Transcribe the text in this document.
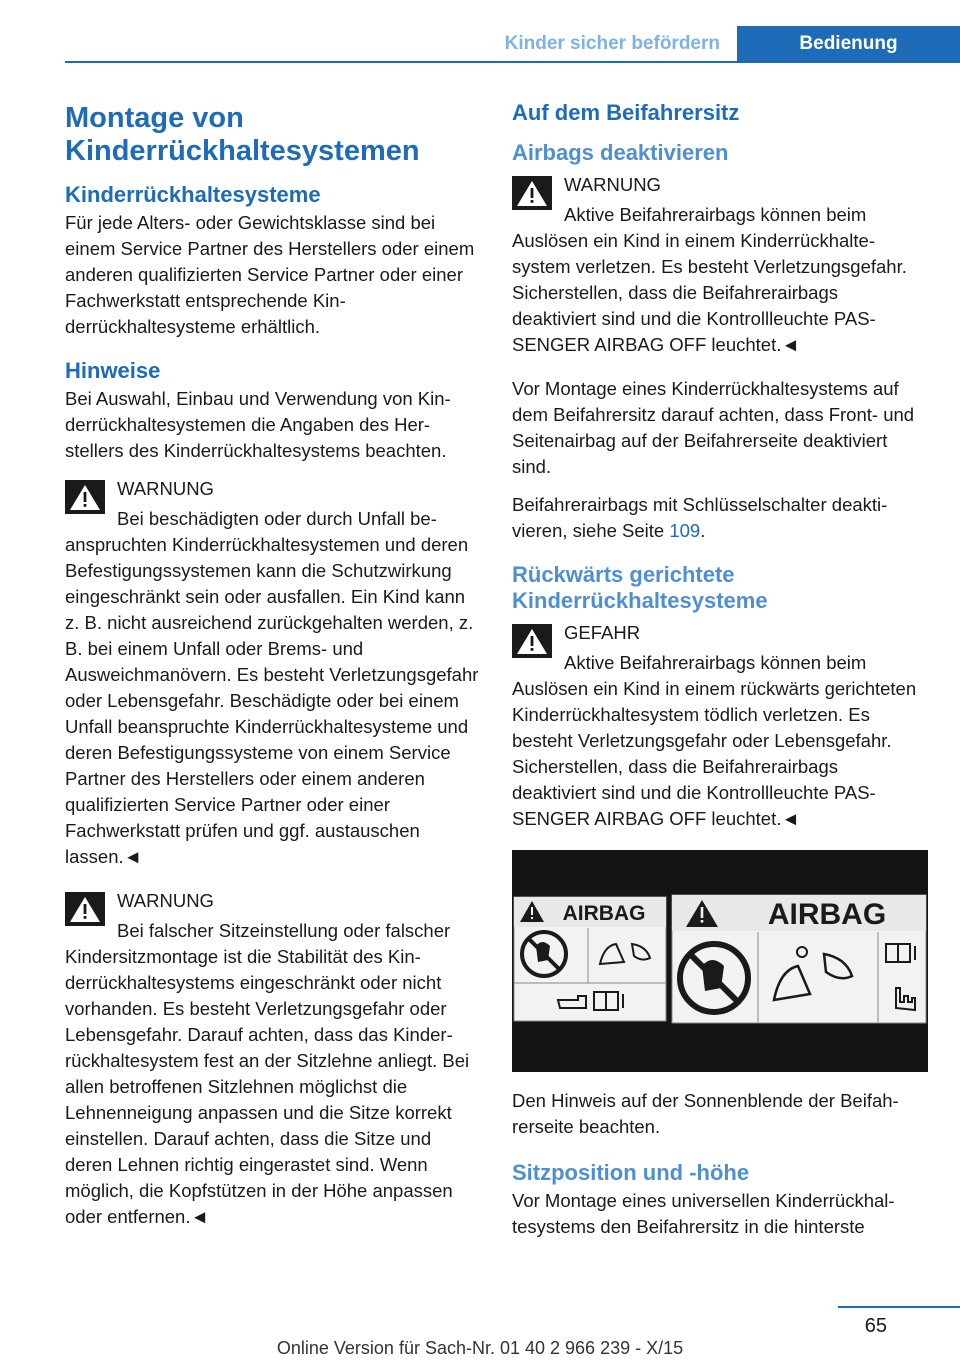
Kinder sicher befördern	Bedienung
Montage von Kinderrückhaltesystemen
Kinderrückhaltesysteme

Für jede Alters- oder Gewichtsklasse sind bei einem Service Partner des Herstellers oder einem anderen qualifizierten Service Partner oder einer Fachwerkstatt entsprechende Kinderrückhaltesysteme erhältlich.

Hinweise

Bei Auswahl, Einbau und Verwendung von Kinderrückhaltesystemen die Angaben des Herstellers des Kinderrückhaltesystems beachten.

WARNUNG

Bei beschädigten oder durch Unfall beanspruchten Kinderrückhaltesystemen und deren Befestigungssystemen kann die Schutzwirkung eingeschränkt sein oder ausfallen. Ein Kind kann z. B. nicht ausreichend zurückgehalten werden, z. B. bei einem Unfall oder Brems- und Ausweichmanövern. Es besteht Verletzungsgefahr oder Lebensgefahr. Beschädigte oder bei einem Unfall beanspruchte Kinderrückhaltesysteme und deren Befestigungssysteme von einem Service Partner des Herstellers oder einem anderen qualifizierten Service Partner oder einer Fachwerkstatt prüfen und ggf. austauschen lassen.◄

WARNUNG

Bei falscher Sitzeinstellung oder falscher Kindersitzmontage ist die Stabilität des Kinderrückhaltesystems eingeschränkt oder nicht vorhanden. Es besteht Verletzungsgefahr oder Lebensgefahr. Darauf achten, dass das Kinderrückhaltesystem fest an der Sitzlehne anliegt. Bei allen betroffenen Sitzlehnen möglichst die Lehnenneigung anpassen und die Sitze korrekt einstellen. Darauf achten, dass die Sitze und deren Lehnen richtig eingerastet sind. Wenn möglich, die Kopfstützen in der Höhe anpassen oder entfernen.◄

Auf dem Beifahrersitz
Airbags deaktivieren
WARNUNG

Aktive Beifahrerairbags können beim Auslösen ein Kind in einem Kinderrückhaltesystem verletzen. Es besteht Verletzungsgefahr. Sicherstellen, dass die Beifahrerairbags deaktiviert sind und die Kontrollleuchte PASSENGER AIRBAG OFF leuchtet.◄

Vor Montage eines Kinderrückhaltesystems auf dem Beifahrersitz darauf achten, dass Front- und Seitenairbag auf der Beifahrerseite deaktiviert sind.

Beifahrerairbags mit Schlüsselschalter deaktivieren, siehe Seite 109.

Rückwärts gerichtete Kinderrückhaltesysteme
GEFAHR

Aktive Beifahrerairbags können beim Auslösen ein Kind in einem rückwärts gerichteten Kinderrückhaltesystem tödlich verletzen. Es besteht Verletzungsgefahr oder Lebensgefahr. Sicherstellen, dass die Beifahrerairbags deaktiviert sind und die Kontrollleuchte PASSENGER AIRBAG OFF leuchtet.◄

AIRBAG	AIRBAG

Den Hinweis auf der Sonnenblende der Beifahrerseite beachten.

Sitzposition und -höhe

Vor Montage eines universellen Kinderrückhaltesystems den Beifahrersitz in die hinterste

65
Online Version für Sach-Nr. 01 40 2 966 239 - X/15
